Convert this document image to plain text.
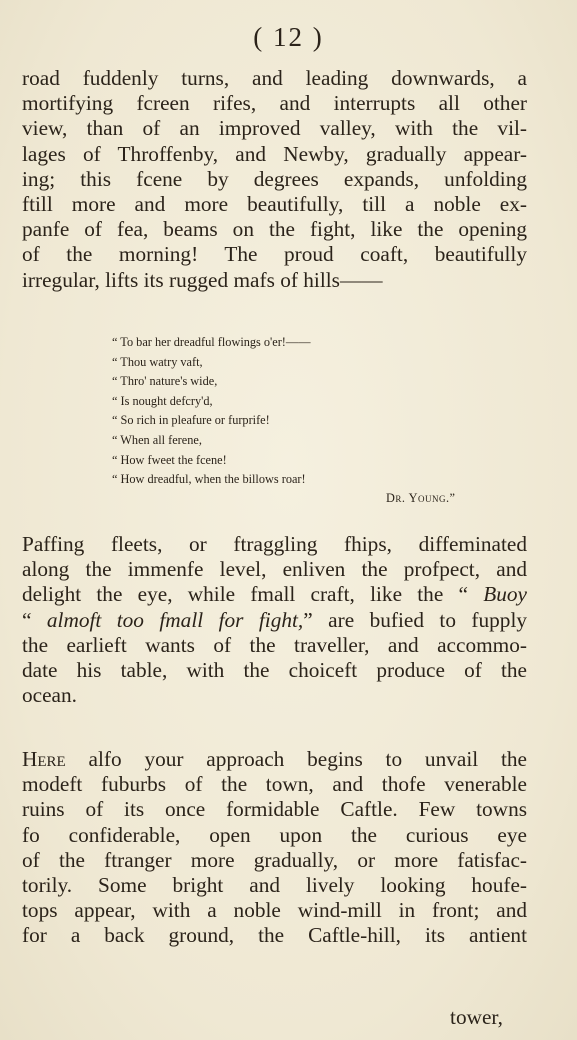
( 12 )
road fuddenly turns, and leading downwards, a
mortifying fcreen rifes, and interrupts all other
view, than of an improved valley, with the vil-
lages of Throffenby, and Newby, gradually appear-
ing; this fcene by degrees expands, unfolding
ftill more and more beautifully, till a noble ex-
panfe of fea, beams on the fight, like the opening
of the morning! The proud coaft, beautifully
irregular, lifts its rugged mafs of hills——
“ To bar her dreadful flowings o'er!——
“ Thou watry vaft,
“ Thro' nature's wide,
“ Is nought defcry'd,
“ So rich in pleafure or furprife!
“ When all ferene,
“ How fweet the fcene!
“ How dreadful, when the billows roar!
Dr. Young.”
Paffing fleets, or ftraggling fhips, diffeminated
along the immenfe level, enliven the profpect, and
delight the eye, while fmall craft, like the “ Buoy
“ almoft too fmall for fight,” are bufied to fupply
the earlieft wants of the traveller, and accommo-
date his table, with the choiceft produce of the
ocean.
Here alfo your approach begins to unvail the
modeft fuburbs of the town, and thofe venerable
ruins of its once formidable Caftle. Few towns
fo confiderable, open upon the curious eye
of the ftranger more gradually, or more fatisfac-
torily. Some bright and lively looking houfe-
tops appear, with a noble wind-mill in front; and
for a back ground, the Caftle-hill, its antient
tower,
